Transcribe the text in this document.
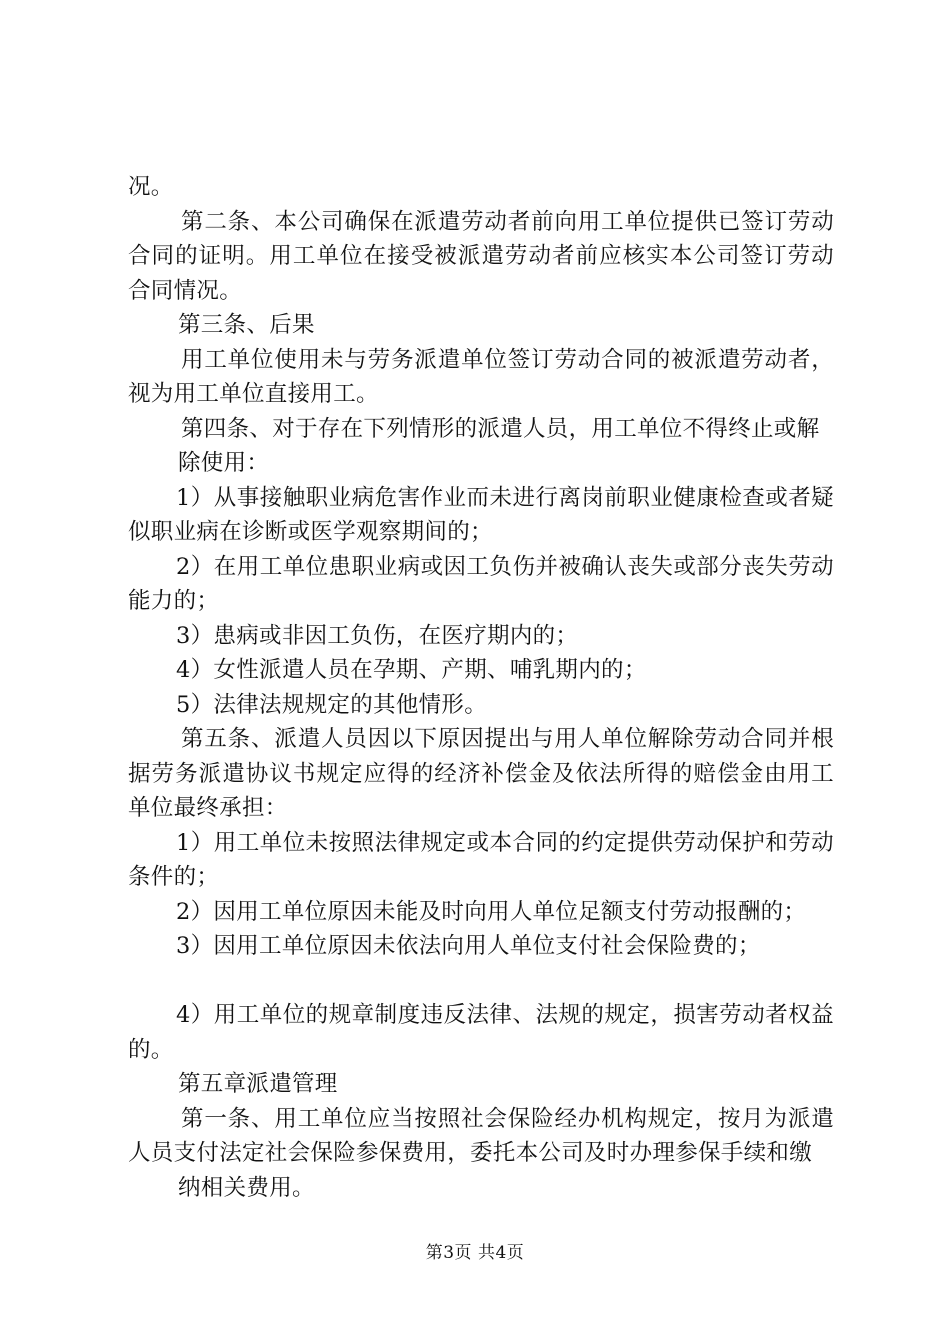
况。

第二条、本公司确保在派遣劳动者前向用工单位提供已签订劳动合同的证明。用工单位在接受被派遣劳动者前应核实本公司签订劳动合同情况。

第三条、后果

用工单位使用未与劳务派遣单位签订劳动合同的被派遣劳动者，视为用工单位直接用工。

第四条、对于存在下列情形的派遣人员，用工单位不得终止或解

除使用：

1）从事接触职业病危害作业而未进行离岗前职业健康检查或者疑似职业病在诊断或医学观察期间的；

2）在用工单位患职业病或因工负伤并被确认丧失或部分丧失劳动能力的；

3）患病或非因工负伤，在医疗期内的；

4）女性派遣人员在孕期、产期、哺乳期内的；

5）法律法规规定的其他情形。

第五条、派遣人员因以下原因提出与用人单位解除劳动合同并根据劳务派遣协议书规定应得的经济补偿金及依法所得的赔偿金由用工单位最终承担：

1）用工单位未按照法律规定或本合同的约定提供劳动保护和劳动条件的；

2）因用工单位原因未能及时向用人单位足额支付劳动报酬的；

3）因用工单位原因未依法向用人单位支付社会保险费的；

4）用工单位的规章制度违反法律、法规的规定，损害劳动者权益的。

第五章派遣管理

第一条、用工单位应当按照社会保险经办机构规定，按月为派遣人员支付法定社会保险参保费用，委托本公司及时办理参保手续和缴

纳相关费用。

第3页 共4页
